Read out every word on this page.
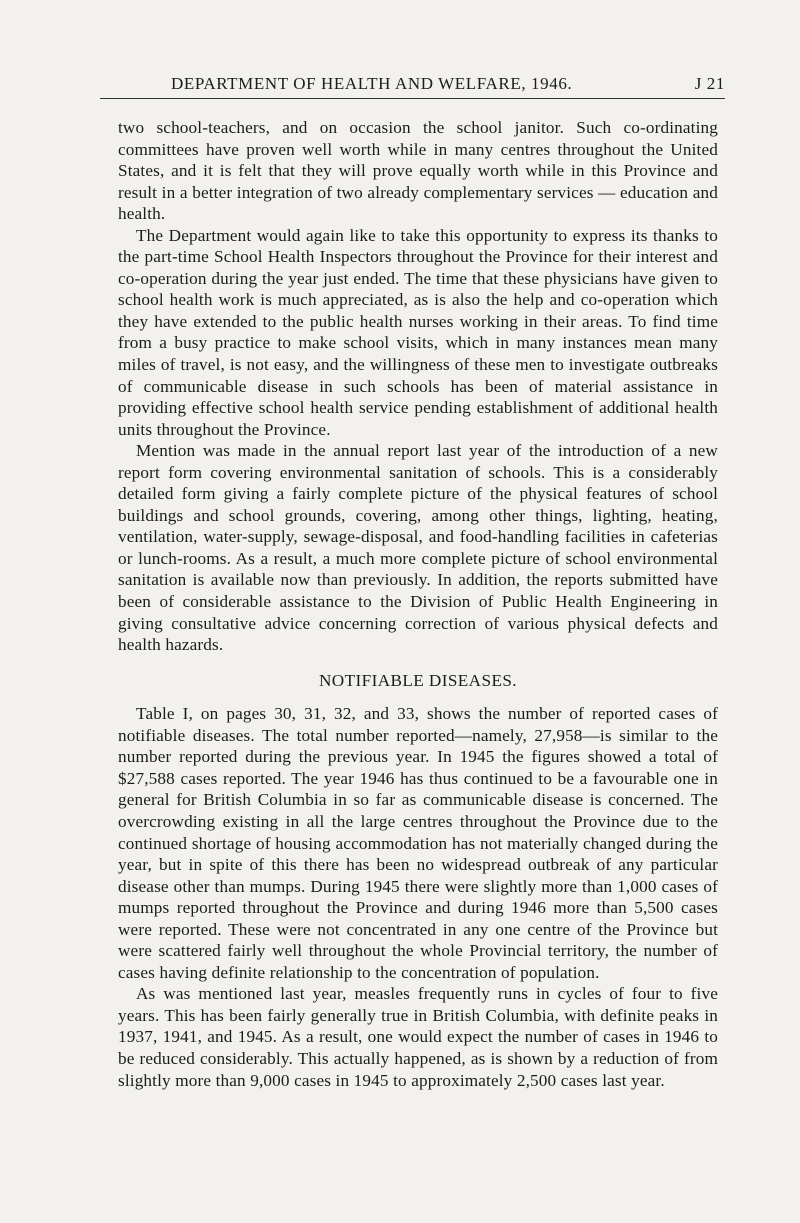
DEPARTMENT OF HEALTH AND WELFARE, 1946.	J 21

two school-teachers, and on occasion the school janitor. Such co-ordinating committees have proven well worth while in many centres throughout the United States, and it is felt that they will prove equally worth while in this Province and result in a better integration of two already complementary services — education and health.

The Department would again like to take this opportunity to express its thanks to the part-time School Health Inspectors throughout the Province for their interest and co-operation during the year just ended. The time that these physicians have given to school health work is much appreciated, as is also the help and co-operation which they have extended to the public health nurses working in their areas. To find time from a busy practice to make school visits, which in many instances mean many miles of travel, is not easy, and the willingness of these men to investigate outbreaks of communicable disease in such schools has been of material assistance in providing effective school health service pending establishment of additional health units throughout the Province.

Mention was made in the annual report last year of the introduction of a new report form covering environmental sanitation of schools. This is a considerably detailed form giving a fairly complete picture of the physical features of school buildings and school grounds, covering, among other things, lighting, heating, ventilation, water-supply, sewage-disposal, and food-handling facilities in cafeterias or lunch-rooms. As a result, a much more complete picture of school environmental sanitation is available now than previously. In addition, the reports submitted have been of considerable assistance to the Division of Public Health Engineering in giving consultative advice concerning correction of various physical defects and health hazards.

NOTIFIABLE DISEASES.

Table I, on pages 30, 31, 32, and 33, shows the number of reported cases of notifiable diseases. The total number reported—namely, 27,958—is similar to the number reported during the previous year. In 1945 the figures showed a total of $27,588 cases reported. The year 1946 has thus continued to be a favourable one in general for British Columbia in so far as communicable disease is concerned. The overcrowding existing in all the large centres throughout the Province due to the continued shortage of housing accommodation has not materially changed during the year, but in spite of this there has been no widespread outbreak of any particular disease other than mumps. During 1945 there were slightly more than 1,000 cases of mumps reported throughout the Province and during 1946 more than 5,500 cases were reported. These were not concentrated in any one centre of the Province but were scattered fairly well throughout the whole Provincial territory, the number of cases having definite relationship to the concentration of population.

As was mentioned last year, measles frequently runs in cycles of four to five years. This has been fairly generally true in British Columbia, with definite peaks in 1937, 1941, and 1945. As a result, one would expect the number of cases in 1946 to be reduced considerably. This actually happened, as is shown by a reduction of from slightly more than 9,000 cases in 1945 to approximately 2,500 cases last year.
